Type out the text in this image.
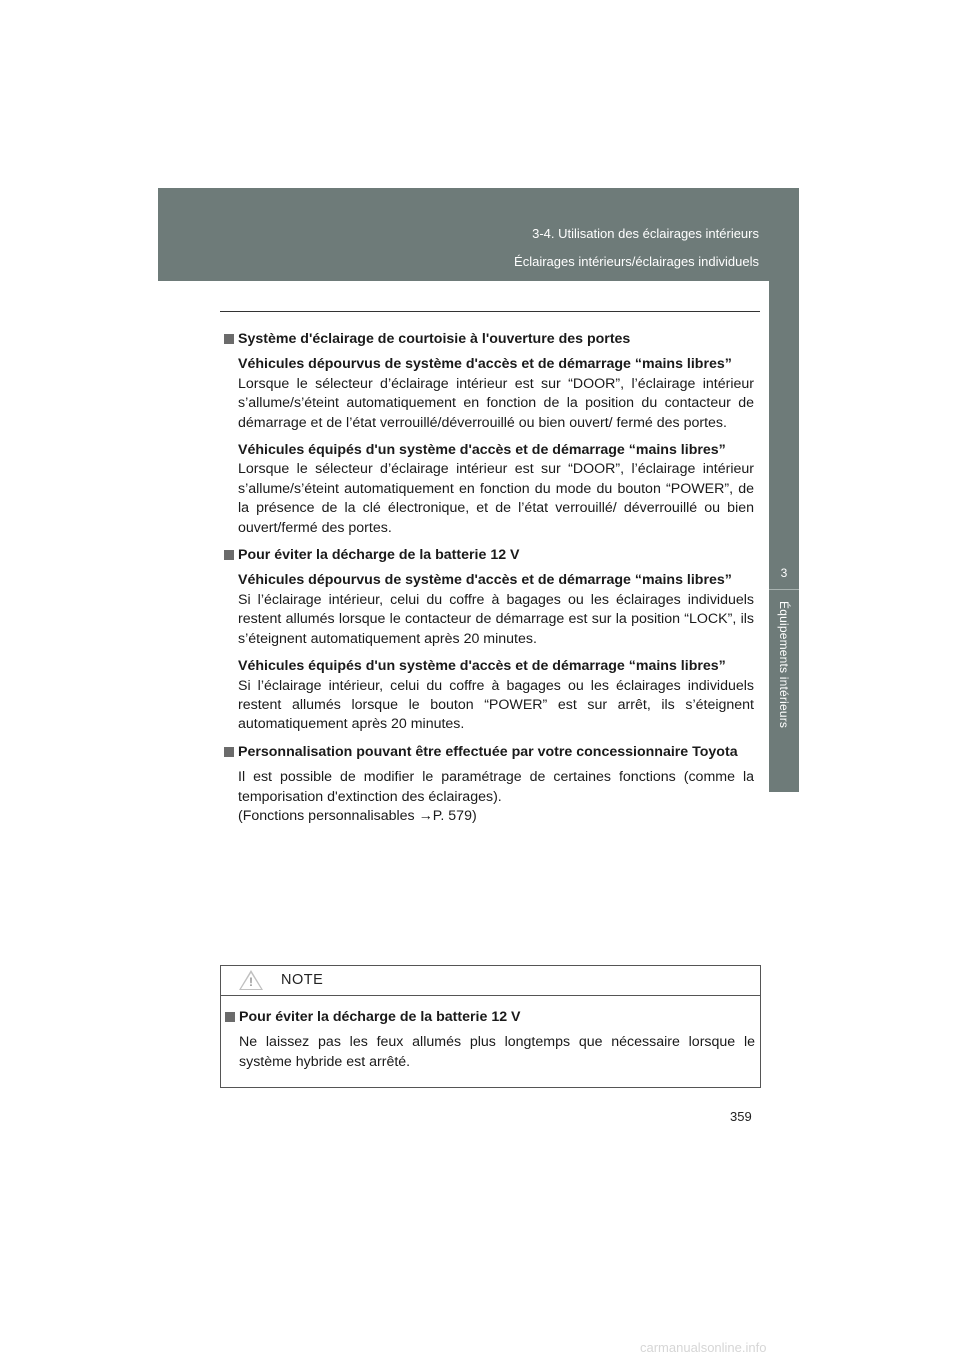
3-4. Utilisation des éclairages intérieurs
Éclairages intérieurs/éclairages individuels
3
Équipements intérieurs

Système d'éclairage de courtoisie à l'ouverture des portes

Véhicules dépourvus de système d'accès et de démarrage “mains libres”

Lorsque le sélecteur d’éclairage intérieur est sur “DOOR”, l’éclairage intérieur s’allume/s’éteint automatiquement en fonction de la position du contacteur de démarrage et de l’état verrouillé/déverrouillé ou bien ouvert/ fermé des portes.

Véhicules équipés d'un système d'accès et de démarrage “mains libres”

Lorsque le sélecteur d’éclairage intérieur est sur “DOOR”, l’éclairage intérieur s’allume/s’éteint automatiquement en fonction du mode du bouton “POWER”, de la présence de la clé électronique, et de l’état verrouillé/ déverrouillé ou bien ouvert/fermé des portes.

Pour éviter la décharge de la batterie 12 V

Véhicules dépourvus de système d'accès et de démarrage “mains libres”

Si l’éclairage intérieur, celui du coffre à bagages ou les éclairages individuels restent allumés lorsque le contacteur de démarrage est sur la position “LOCK”, ils s’éteignent automatiquement après 20 minutes.

Véhicules équipés d'un système d'accès et de démarrage “mains libres”

Si l’éclairage intérieur, celui du coffre à bagages ou les éclairages individuels restent allumés lorsque le bouton “POWER” est sur arrêt, ils s’éteignent automatiquement après 20 minutes.

Personnalisation pouvant être effectuée par votre concessionnaire Toyota

Il est possible de modifier le paramétrage de certaines fonctions (comme la temporisation d'extinction des éclairages).

(Fonctions personnalisables →P. 579)

! NOTE

Pour éviter la décharge de la batterie 12 V

Ne laissez pas les feux allumés plus longtemps que nécessaire lorsque le système hybride est arrêté.

359
carmanualsonline.info
